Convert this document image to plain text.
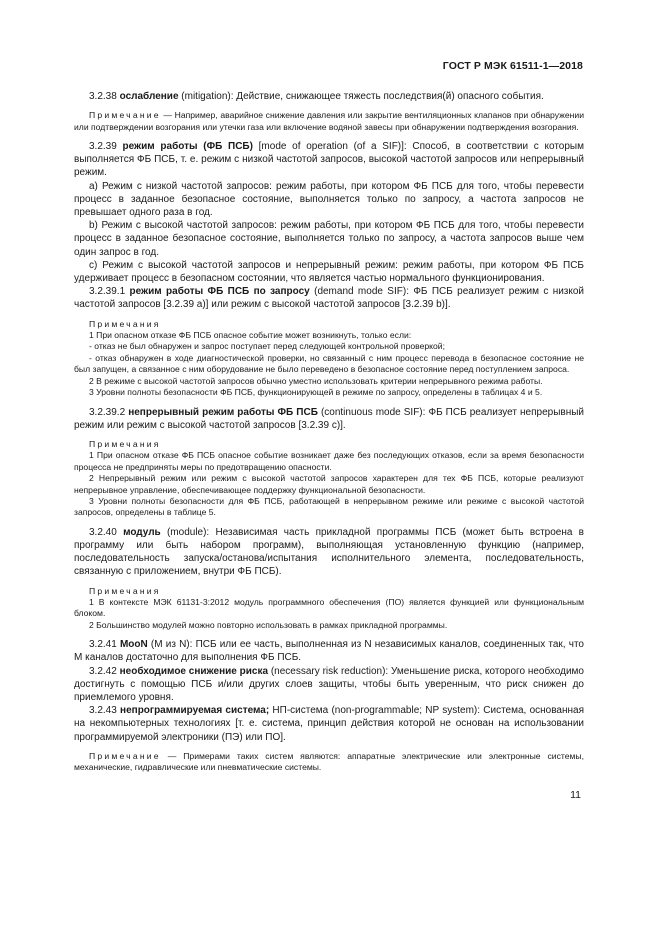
ГОСТ Р МЭК 61511-1—2018

3.2.38 ослабление (mitigation): Действие, снижающее тяжесть последствия(й) опасного события.

Примечание — Например, аварийное снижение давления или закрытие вентиляционных клапанов при обнаружении или подтверждении возгорания или утечки газа или включение водяной завесы при обнаружении подтверждения возгорания.

3.2.39 режим работы (ФБ ПСБ) [mode of operation (of a SIF)]: Способ, в соответствии с которым выполняется ФБ ПСБ, т. е. режим с низкой частотой запросов, высокой частотой запросов или непрерывный режим.

а) Режим с низкой частотой запросов: режим работы, при котором ФБ ПСБ для того, чтобы перевести процесс в заданное безопасное состояние, выполняется только по запросу, а частота запросов не превышает одного раза в год.

b) Режим с высокой частотой запросов: режим работы, при котором ФБ ПСБ для того, чтобы перевести процесс в заданное безопасное состояние, выполняется только по запросу, а частота запросов выше чем один запрос в год.

c) Режим с высокой частотой запросов и непрерывный режим: режим работы, при котором ФБ ПСБ удерживает процесс в безопасном состоянии, что является частью нормального функционирования.

3.2.39.1 режим работы ФБ ПСБ по запросу (demand mode SIF): ФБ ПСБ реализует режим с низкой частотой запросов [3.2.39 a)] или режим с высокой частотой запросов [3.2.39 b)].

Примечания

1 При опасном отказе ФБ ПСБ опасное событие может возникнуть, только если:

- отказ не был обнаружен и запрос поступает перед следующей контрольной проверкой;

- отказ обнаружен в ходе диагностической проверки, но связанный с ним процесс перевода в безопасное состояние не был запущен, а связанное с ним оборудование не было переведено в безопасное состояние перед поступлением запроса.

2 В режиме с высокой частотой запросов обычно уместно использовать критерии непрерывного режима работы.

3 Уровни полноты безопасности ФБ ПСБ, функционирующей в режиме по запросу, определены в таблицах 4 и 5.

3.2.39.2 непрерывный режим работы ФБ ПСБ (continuous mode SIF): ФБ ПСБ реализует непрерывный режим или режим с высокой частотой запросов [3.2.39 c)].

Примечания

1 При опасном отказе ФБ ПСБ опасное событие возникает даже без последующих отказов, если за время безопасности процесса не предприняты меры по предотвращению опасности.

2 Непрерывный режим или режим с высокой частотой запросов характерен для тех ФБ ПСБ, которые реализуют непрерывное управление, обеспечивающее поддержку функциональной безопасности.

3 Уровни полноты безопасности для ФБ ПСБ, работающей в непрерывном режиме или режиме с высокой частотой запросов, определены в таблице 5.

3.2.40 модуль (module): Независимая часть прикладной программы ПСБ (может быть встроена в программу или быть набором программ), выполняющая установленную функцию (например, последовательность запуска/останова/испытания исполнительного элемента, последовательность, связанную с приложением, внутри ФБ ПСБ).

Примечания

1 В контексте МЭК 61131-3:2012 модуль программного обеспечения (ПО) является функцией или функциональным блоком.

2 Большинство модулей можно повторно использовать в рамках прикладной программы.

3.2.41 MooN (M из N): ПСБ или ее часть, выполненная из N независимых каналов, соединенных так, что M каналов достаточно для выполнения ФБ ПСБ.

3.2.42 необходимое снижение риска (necessary risk reduction): Уменьшение риска, которого необходимо достигнуть с помощью ПСБ и/или других слоев защиты, чтобы быть уверенным, что риск снижен до приемлемого уровня.

3.2.43 непрограммируемая система; НП-система (non-programmable; NP system): Система, основанная на некомпьютерных технологиях [т. е. система, принцип действия которой не основан на использовании программируемой электроники (ПЭ) или ПО].

Примечание — Примерами таких систем являются: аппаратные электрические или электронные системы, механические, гидравлические или пневматические системы.

11
